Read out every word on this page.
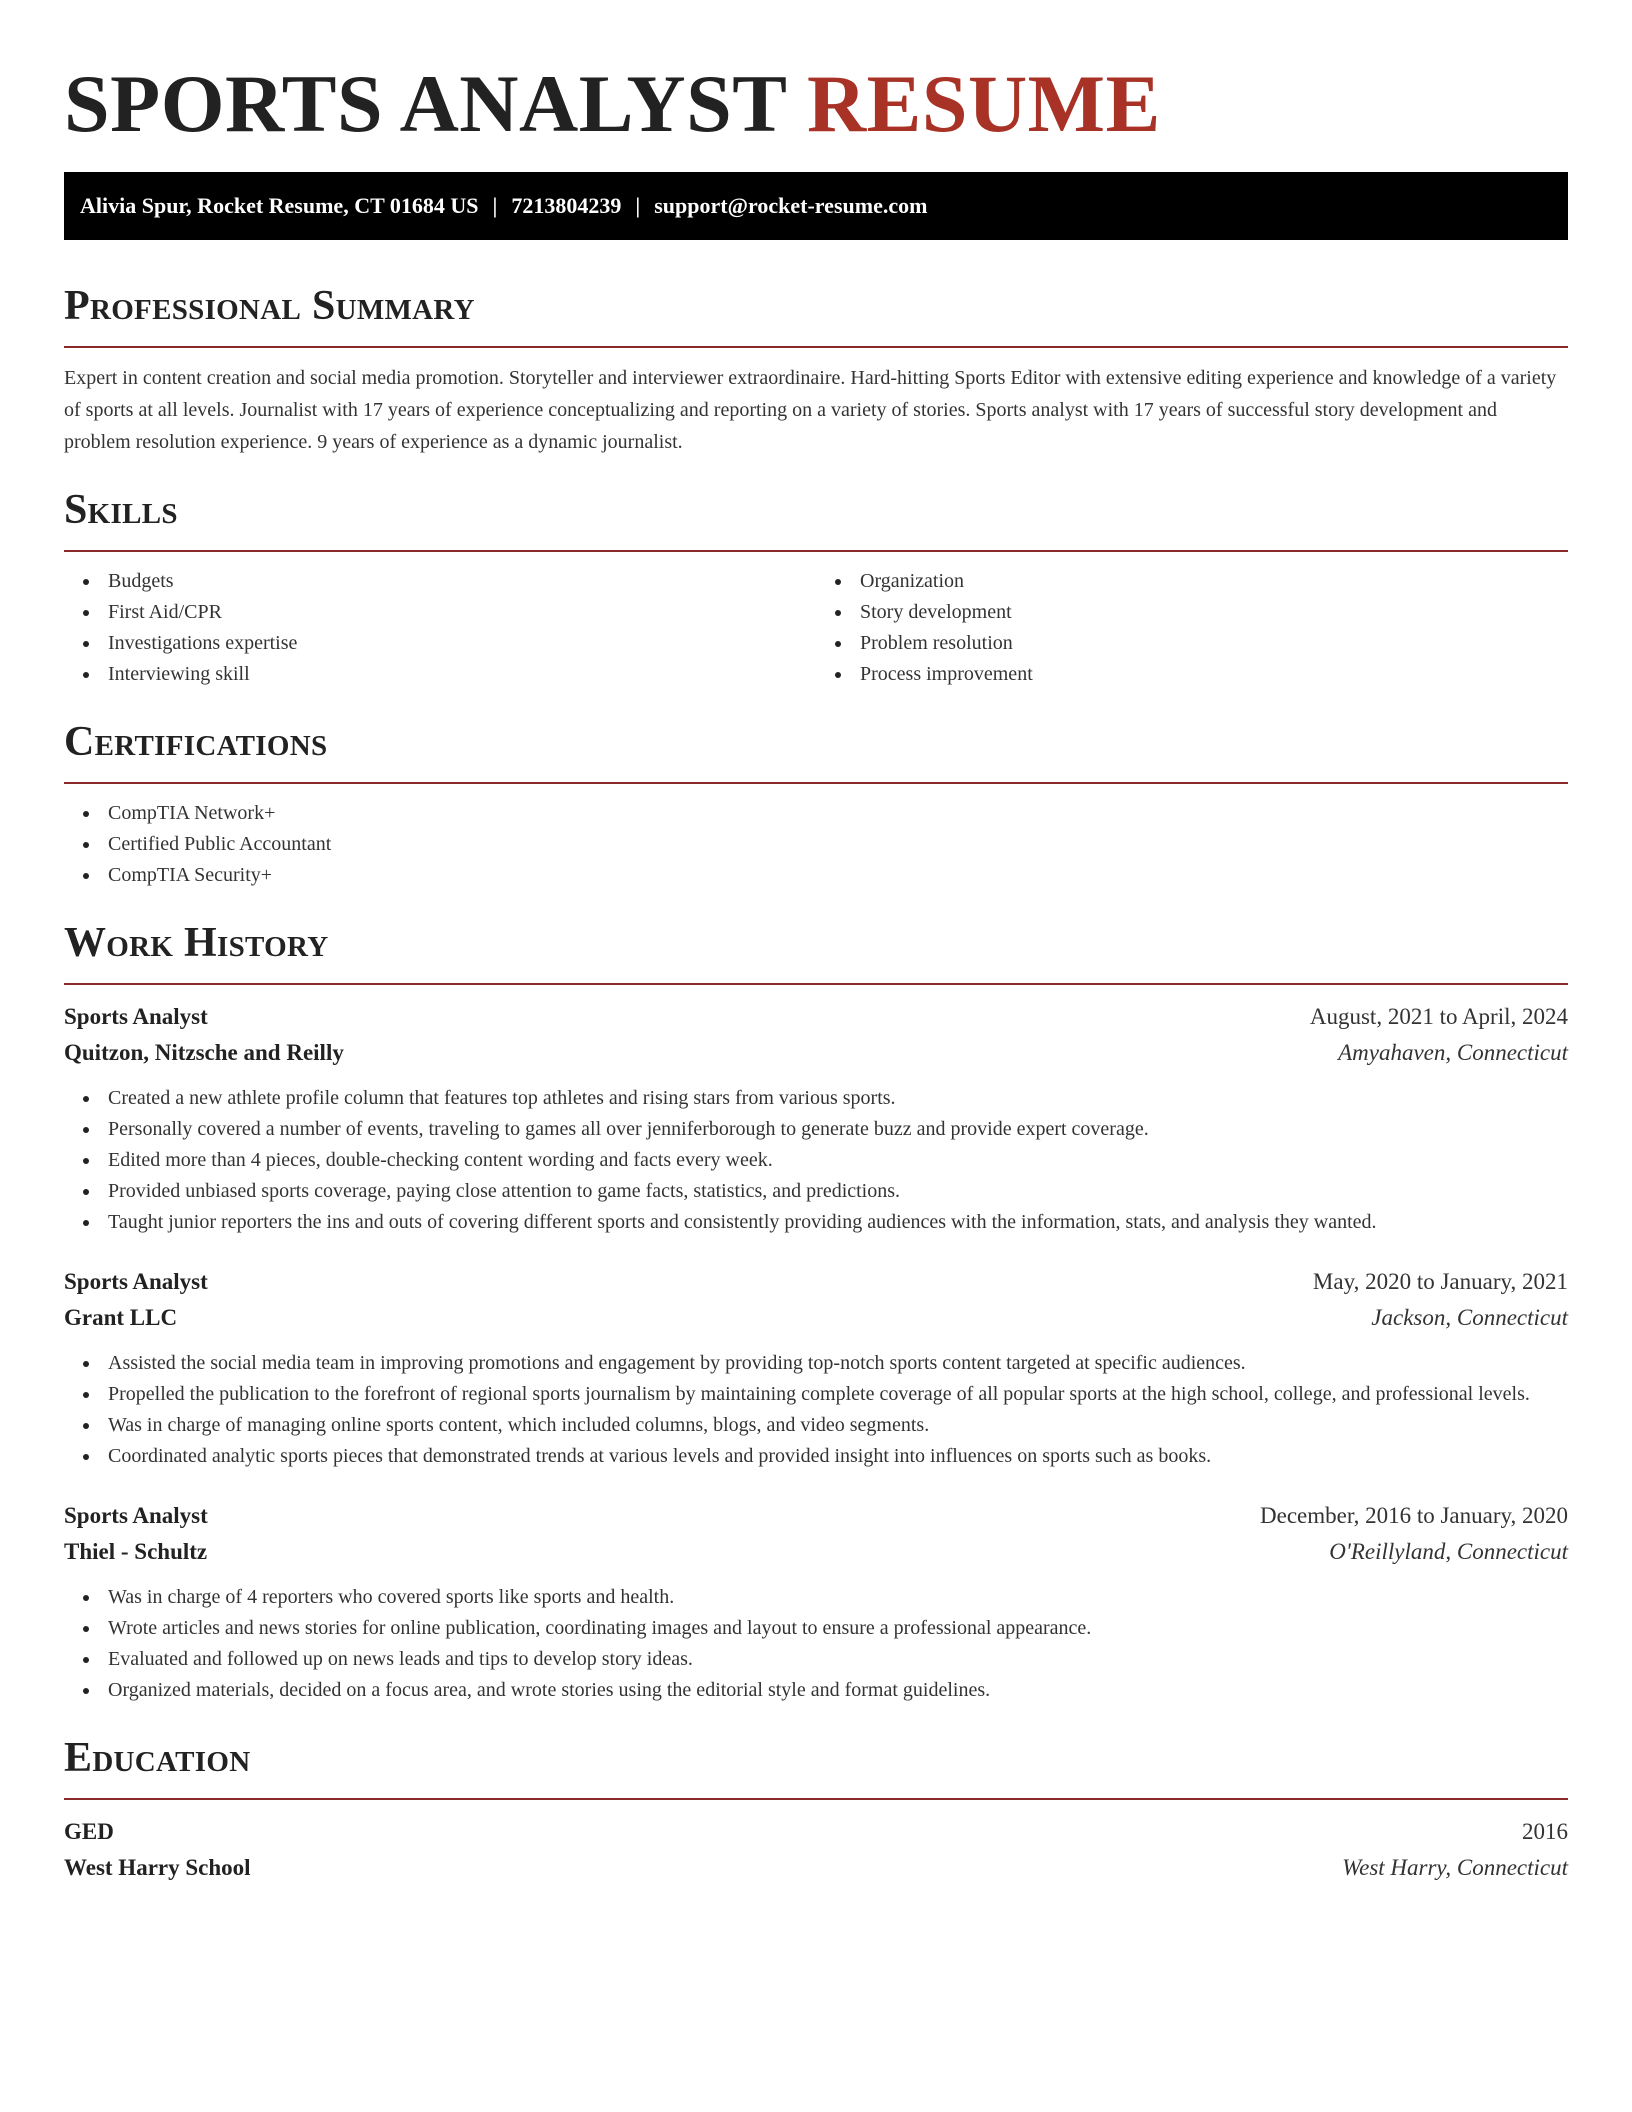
SPORTS ANALYST RESUME
Alivia Spur, Rocket Resume, CT 01684 US | 7213804239 | support@rocket-resume.com
Professional Summary

Expert in content creation and social media promotion. Storyteller and interviewer extraordinaire. Hard-hitting Sports Editor with extensive editing experience and knowledge of a variety of sports at all levels. Journalist with 17 years of experience conceptualizing and reporting on a variety of stories. Sports analyst with 17 years of successful story development and problem resolution experience. 9 years of experience as a dynamic journalist.

Skills
Budgets
First Aid/CPR
Investigations expertise
Interviewing skill
Organization
Story development
Problem resolution
Process improvement
Certifications
CompTIA Network+
Certified Public Accountant
CompTIA Security+
Work History
Sports Analyst	August, 2021 to April, 2024
Quitzon, Nitzsche and Reilly	Amyahaven, Connecticut
Created a new athlete profile column that features top athletes and rising stars from various sports.
Personally covered a number of events, traveling to games all over jenniferborough to generate buzz and provide expert coverage.
Edited more than 4 pieces, double-checking content wording and facts every week.
Provided unbiased sports coverage, paying close attention to game facts, statistics, and predictions.
Taught junior reporters the ins and outs of covering different sports and consistently providing audiences with the information, stats, and analysis they wanted.
Sports Analyst	May, 2020 to January, 2021
Grant LLC	Jackson, Connecticut
Assisted the social media team in improving promotions and engagement by providing top-notch sports content targeted at specific audiences.
Propelled the publication to the forefront of regional sports journalism by maintaining complete coverage of all popular sports at the high school, college, and professional levels.
Was in charge of managing online sports content, which included columns, blogs, and video segments.
Coordinated analytic sports pieces that demonstrated trends at various levels and provided insight into influences on sports such as books.
Sports Analyst	December, 2016 to January, 2020
Thiel - Schultz	O'Reillyland, Connecticut
Was in charge of 4 reporters who covered sports like sports and health.
Wrote articles and news stories for online publication, coordinating images and layout to ensure a professional appearance.
Evaluated and followed up on news leads and tips to develop story ideas.
Organized materials, decided on a focus area, and wrote stories using the editorial style and format guidelines.
Education
GED	2016
West Harry School	West Harry, Connecticut
